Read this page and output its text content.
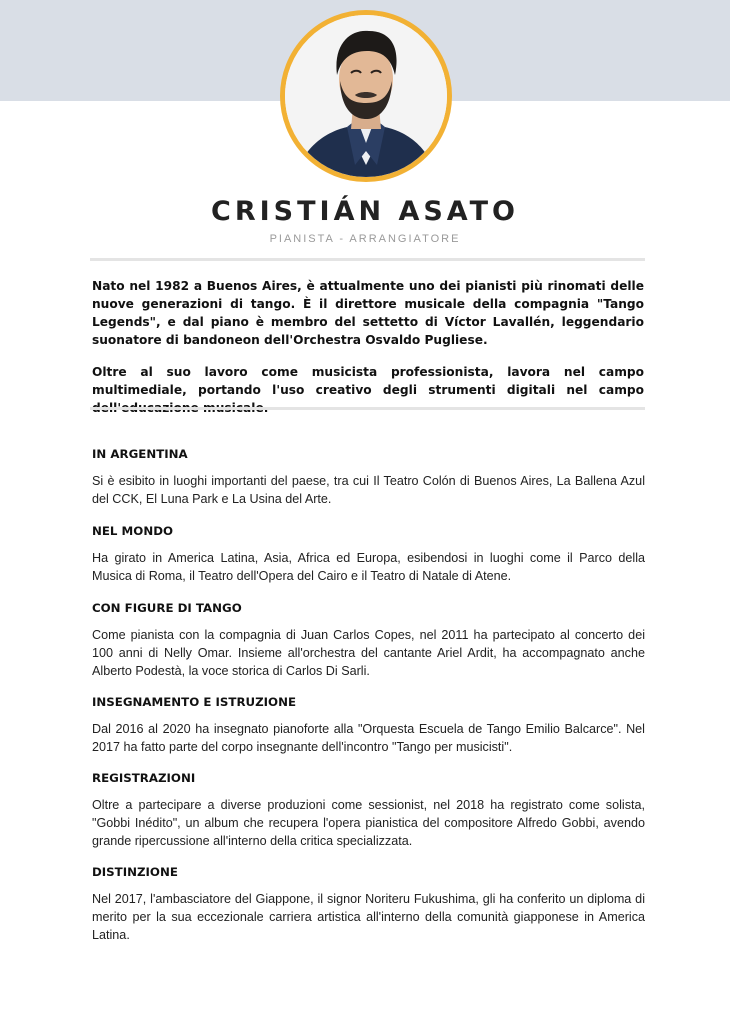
CRISTIÁN ASATO
PIANISTA - ARRANGIATORE

Nato nel 1982 a Buenos Aires, è attualmente uno dei pianisti più rinomati delle nuove generazioni di tango. È il direttore musicale della compagnia "Tango Legends", e dal piano è membro del settetto di Víctor Lavallén, leggendario suonatore di bandoneon dell'Orchestra Osvaldo Pugliese.

Oltre al suo lavoro come musicista professionista, lavora nel campo multimediale, portando l'uso creativo degli strumenti digitali nel campo

IN ARGENTINA

Si è esibito in luoghi importanti del paese, tra cui Il Teatro Colón di Buenos Aires, La Ballena Azul del CCK, El Luna Park e La Usina del Arte.

NEL MONDO

Ha girato in America Latina, Asia, Africa ed Europa, esibendosi in luoghi come il Parco della Musica di Roma, il Teatro dell'Opera del Cairo e il Teatro di Natale di Atene.

CON FIGURE DI TANGO

Come pianista con la compagnia di Juan Carlos Copes, nel 2011 ha partecipato al concerto dei 100 anni di Nelly Omar. Insieme all'orchestra del cantante Ariel Ardit, ha accompagnato anche Alberto Podestà, la voce storica di Carlos Di Sarli.

INSEGNAMENTO E ISTRUZIONE

Dal 2016 al 2020 ha insegnato pianoforte alla "Orquesta Escuela de Tango Emilio Balcarce". Nel 2017 ha fatto parte del corpo insegnante dell'incontro "Tango per musicisti".

REGISTRAZIONI

Oltre a partecipare a diverse produzioni come sessionist, nel 2018 ha registrato come solista, "Gobbi Inédito", un album che recupera l'opera pianistica del compositore Alfredo Gobbi, avendo grande ripercussione all'interno della critica specializzata.

DISTINZIONE

Nel 2017, l'ambasciatore del Giappone, il signor Noriteru Fukushima, gli ha conferito un diploma di merito per la sua eccezionale carriera artistica all'interno della comunità giapponese in America Latina.
